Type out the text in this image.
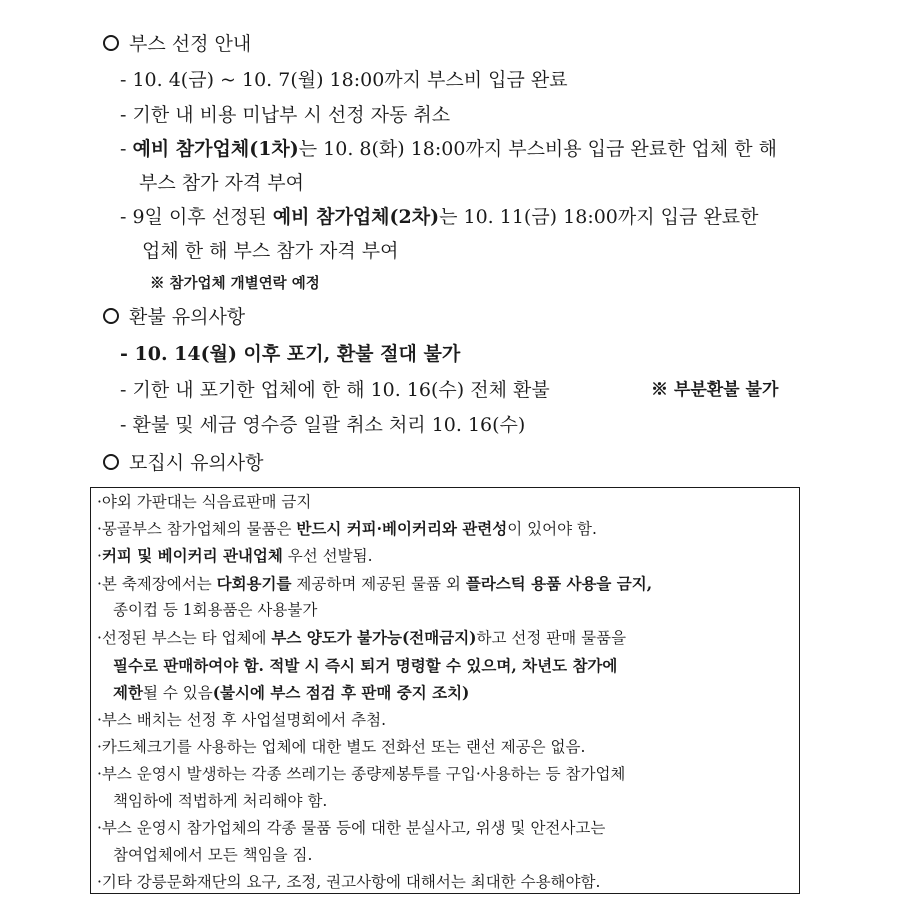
부스 선정 안내
- 10. 4(금) ~ 10. 7(월) 18:00까지 부스비 입금 완료
- 기한 내 비용 미납부 시 선정 자동 취소
- 예비 참가업체(1차)는 10. 8(화) 18:00까지 부스비용 입금 완료한 업체 한 해
부스 참가 자격 부여
- 9일 이후 선정된 예비 참가업체(2차)는 10. 11(금) 18:00까지 입금 완료한
업체 한 해 부스 참가 자격 부여
※ 참가업체 개별연락 예정
환불 유의사항
- 10. 14(월) 이후 포기, 환불 절대 불가
- 기한 내 포기한 업체에 한 해 10. 16(수) 전체 환불	※ 부분환불 불가
- 환불 및 세금 영수증 일괄 취소 처리 10. 16(수)
모집시 유의사항
·야외 가판대는 식음료판매 금지
·몽골부스 참가업체의 물품은 반드시 커피·베이커리와 관련성이 있어야 함.
·커피 및 베이커리 관내업체 우선 선발됨.
·본 축제장에서는 다회용기를 제공하며 제공된 물품 외 플라스틱 용품 사용을 금지,
종이컵 등 1회용품은 사용불가
·선정된 부스는 타 업체에 부스 양도가 불가능(전매금지)하고 선정 판매 물품을
필수로 판매하여야 함. 적발 시 즉시 퇴거 명령할 수 있으며, 차년도 참가에
제한될 수 있음(불시에 부스 점검 후 판매 중지 조치)
·부스 배치는 선정 후 사업설명회에서 추첨.
·카드체크기를 사용하는 업체에 대한 별도 전화선 또는 랜선 제공은 없음.
·부스 운영시 발생하는 각종 쓰레기는 종량제봉투를 구입·사용하는 등 참가업체
책임하에 적법하게 처리해야 함.
·부스 운영시 참가업체의 각종 물품 등에 대한 분실사고, 위생 및 안전사고는
참여업체에서 모든 책임을 짐.
·기타 강릉문화재단의 요구, 조정, 권고사항에 대해서는 최대한 수용해야함.
